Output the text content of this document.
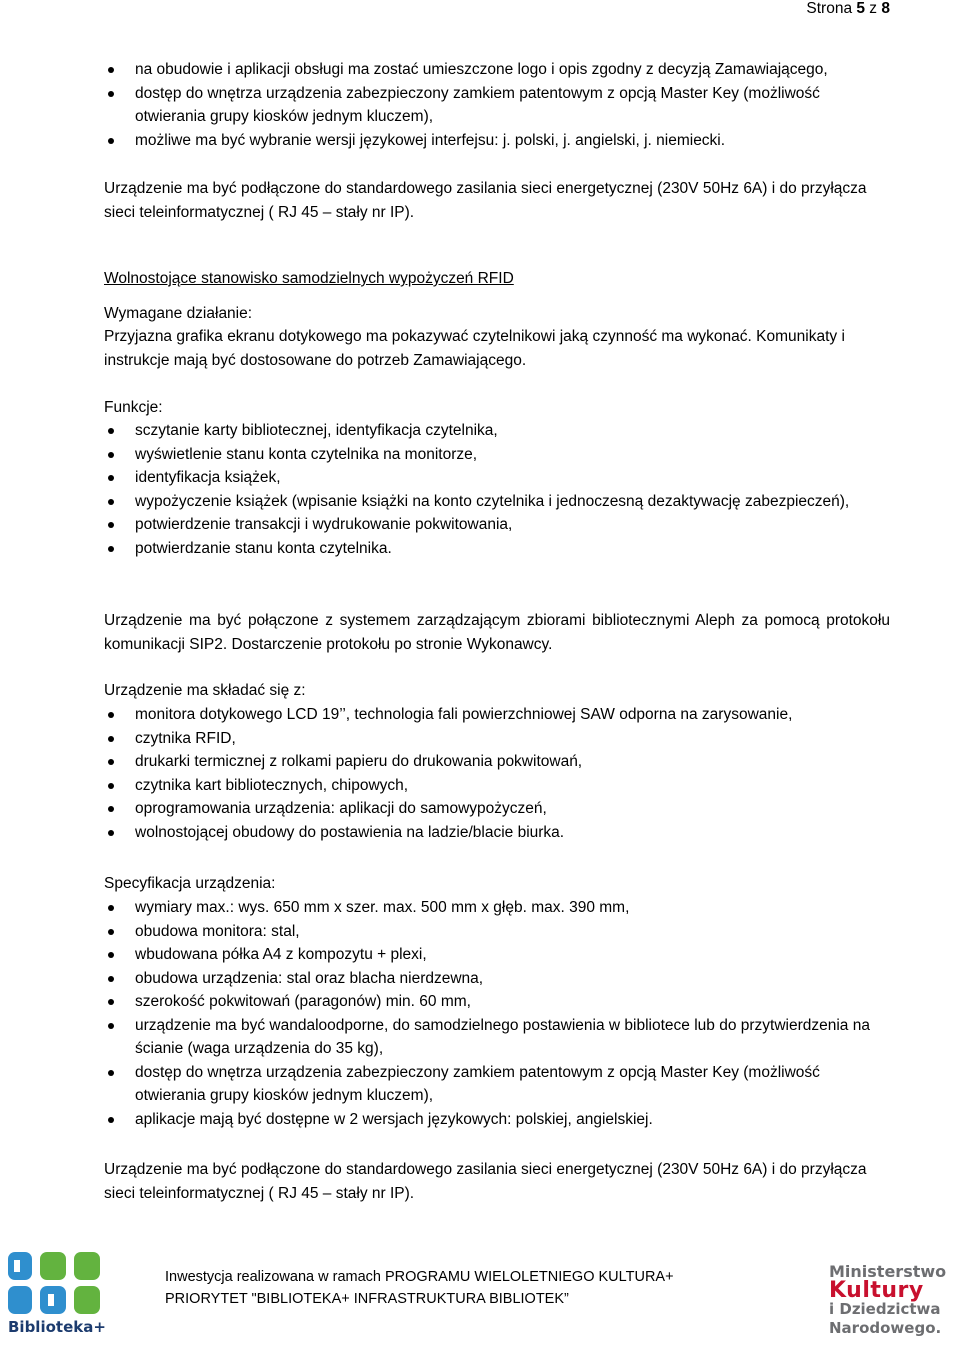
Strona 5 z 8
na obudowie i aplikacji obsługi ma zostać umieszczone logo i opis zgodny z decyzją Zamawiającego,
dostęp do wnętrza urządzenia zabezpieczony zamkiem patentowym z opcją Master Key (możliwość otwierania grupy kiosków jednym kluczem),
możliwe ma być wybranie wersji językowej interfejsu: j. polski, j. angielski, j. niemiecki.
Urządzenie ma być podłączone do standardowego zasilania sieci energetycznej (230V 50Hz 6A) i do przyłącza sieci teleinformatycznej ( RJ 45 – stały nr IP).
Wolnostojące stanowisko samodzielnych wypożyczeń RFID
Wymagane działanie:
Przyjazna grafika ekranu dotykowego ma pokazywać czytelnikowi jaką czynność ma wykonać. Komunikaty i instrukcje mają być dostosowane do potrzeb Zamawiającego.
Funkcje:
sczytanie karty bibliotecznej, identyfikacja czytelnika,
wyświetlenie stanu konta czytelnika na monitorze,
identyfikacja książek,
wypożyczenie książek (wpisanie książki na konto czytelnika i jednoczesną dezaktywację zabezpieczeń),
potwierdzenie transakcji i wydrukowanie pokwitowania,
potwierdzanie stanu konta czytelnika.
Urządzenie ma być połączone z systemem zarządzającym zbiorami bibliotecznymi Aleph za pomocą protokołu komunikacji SIP2. Dostarczenie protokołu po stronie Wykonawcy.
Urządzenie ma składać się z:
monitora dotykowego LCD 19’’, technologia fali powierzchniowej SAW odporna na zarysowanie,
czytnika RFID,
drukarki termicznej z rolkami papieru do drukowania pokwitowań,
czytnika kart bibliotecznych, chipowych,
oprogramowania urządzenia: aplikacji do samowypożyczeń,
wolnostojącej obudowy do postawienia na ladzie/blacie biurka.
Specyfikacja urządzenia:
wymiary max.: wys. 650 mm x szer. max. 500 mm x głęb. max. 390 mm,
obudowa monitora: stal,
wbudowana półka A4 z kompozytu + plexi,
obudowa urządzenia: stal oraz blacha nierdzewna,
szerokość pokwitowań (paragonów) min. 60 mm,
urządzenie ma być wandaloodporne, do samodzielnego postawienia w bibliotece lub do przytwierdzenia na ścianie (waga urządzenia do 35 kg),
dostęp do wnętrza urządzenia zabezpieczony zamkiem patentowym z opcją Master Key (możliwość otwierania grupy kiosków jednym kluczem),
aplikacje mają być dostępne w 2 wersjach językowych: polskiej, angielskiej.
Urządzenie ma być podłączone do standardowego zasilania sieci energetycznej (230V 50Hz 6A) i do przyłącza sieci teleinformatycznej ( RJ 45 – stały nr IP).
Biblioteka+
Inwestycja realizowana w ramach PROGRAMU WIELOLETNIEGO KULTURA+
PRIORYTET "BIBLIOTEKA+ INFRASTRUKTURA BIBLIOTEK”
Ministerstwo
Kultury
i Dziedzictwa
Narodowego.
